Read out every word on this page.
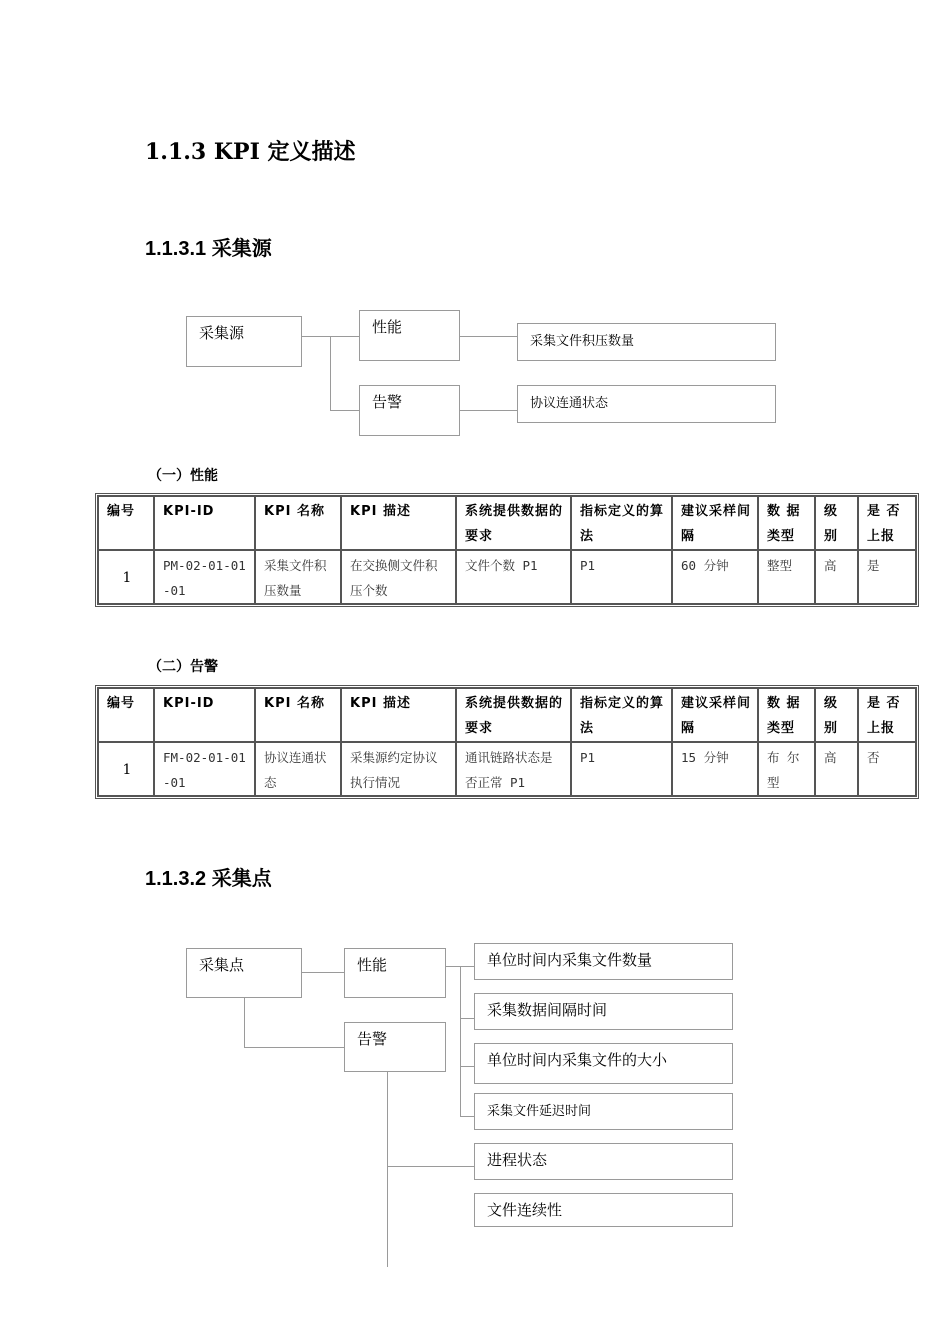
1.1.3 KPI 定义描述
1.1.3.1 采集源
采集源	性能
告警
采集文件积压数量
协议连通状态
（一）性能
编号	KPI-ID	KPI 名称	KPI 描述	系统提供数据的要求	指标定义的算法	建议采样间隔	数 据类型	级别	是 否上报
1	PM-02-01-01-01	采集文件积压数量	在交换侧文件积压个数	文件个数 P1	P1	60 分钟	整型	高	是
（二）告警
编号	KPI-ID	KPI 名称	KPI 描述	系统提供数据的要求	指标定义的算法	建议采样间隔	数 据类型	级别	是 否上报
1	FM-02-01-01-01	协议连通状态	采集源约定协议执行情况	通讯链路状态是否正常 P1	P1	15 分钟	布 尔型	高	否
1.1.3.2 采集点
采集点	性能
告警
单位时间内采集文件数量
采集数据间隔时间
单位时间内采集文件的大小
采集文件延迟时间
进程状态
文件连续性
